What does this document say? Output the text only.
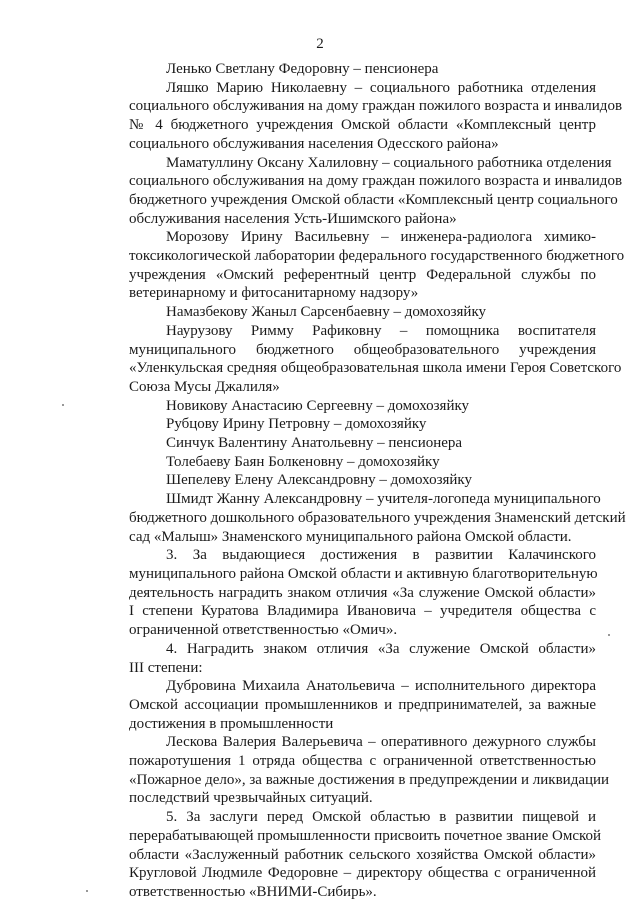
2
Ленько Светлану Федоровну – пенсионера
Ляшко Марию Николаевну – социального работника отделения
социального обслуживания на дому граждан пожилого возраста и инвалидов
№ 4 бюджетного учреждения Омской области «Комплексный центр
социального обслуживания населения Одесского района»
Маматуллину Оксану Халиловну – социального работника отделения
социального обслуживания на дому граждан пожилого возраста и инвалидов
бюджетного учреждения Омской области «Комплексный центр социального
обслуживания населения Усть-Ишимского района»
Морозову Ирину Васильевну – инженера-радиолога химико-
токсикологической лаборатории федерального государственного бюджетного
учреждения «Омский референтный центр Федеральной службы по
ветеринарному и фитосанитарному надзору»
Намазбекову Жаныл Сарсенбаевну – домохозяйку
Наурузову Римму Рафиковну – помощника воспитателя
муниципального бюджетного общеобразовательного учреждения
«Уленкульская средняя общеобразовательная школа имени Героя Советского
Союза Мусы Джалиля»
Новикову Анастасию Сергеевну – домохозяйку
Рубцову Ирину Петровну – домохозяйку
Синчук Валентину Анатольевну – пенсионера
Толебаеву Баян Болкеновну – домохозяйку
Шепелеву Елену Александровну – домохозяйку
Шмидт Жанну Александровну – учителя-логопеда муниципального
бюджетного дошкольного образовательного учреждения Знаменский детский
сад «Малыш» Знаменского муниципального района Омской области.
3. За выдающиеся достижения в развитии Калачинского
муниципального района Омской области и активную благотворительную
деятельность наградить знаком отличия «За служение Омской области»
I степени Куратова Владимира Ивановича – учредителя общества с
ограниченной ответственностью «Омич».
4. Наградить знаком отличия «За служение Омской области»
III степени:
Дубровина Михаила Анатольевича – исполнительного директора
Омской ассоциации промышленников и предпринимателей, за важные
достижения в промышленности
Лескова Валерия Валерьевича – оперативного дежурного службы
пожаротушения 1 отряда общества с ограниченной ответственностью
«Пожарное дело», за важные достижения в предупреждении и ликвидации
последствий чрезвычайных ситуаций.
5. За заслуги перед Омской областью в развитии пищевой и
перерабатывающей промышленности присвоить почетное звание Омской
области «Заслуженный работник сельского хозяйства Омской области»
Кругловой Людмиле Федоровне – директору общества с ограниченной
ответственностью «ВНИМИ-Сибирь».
